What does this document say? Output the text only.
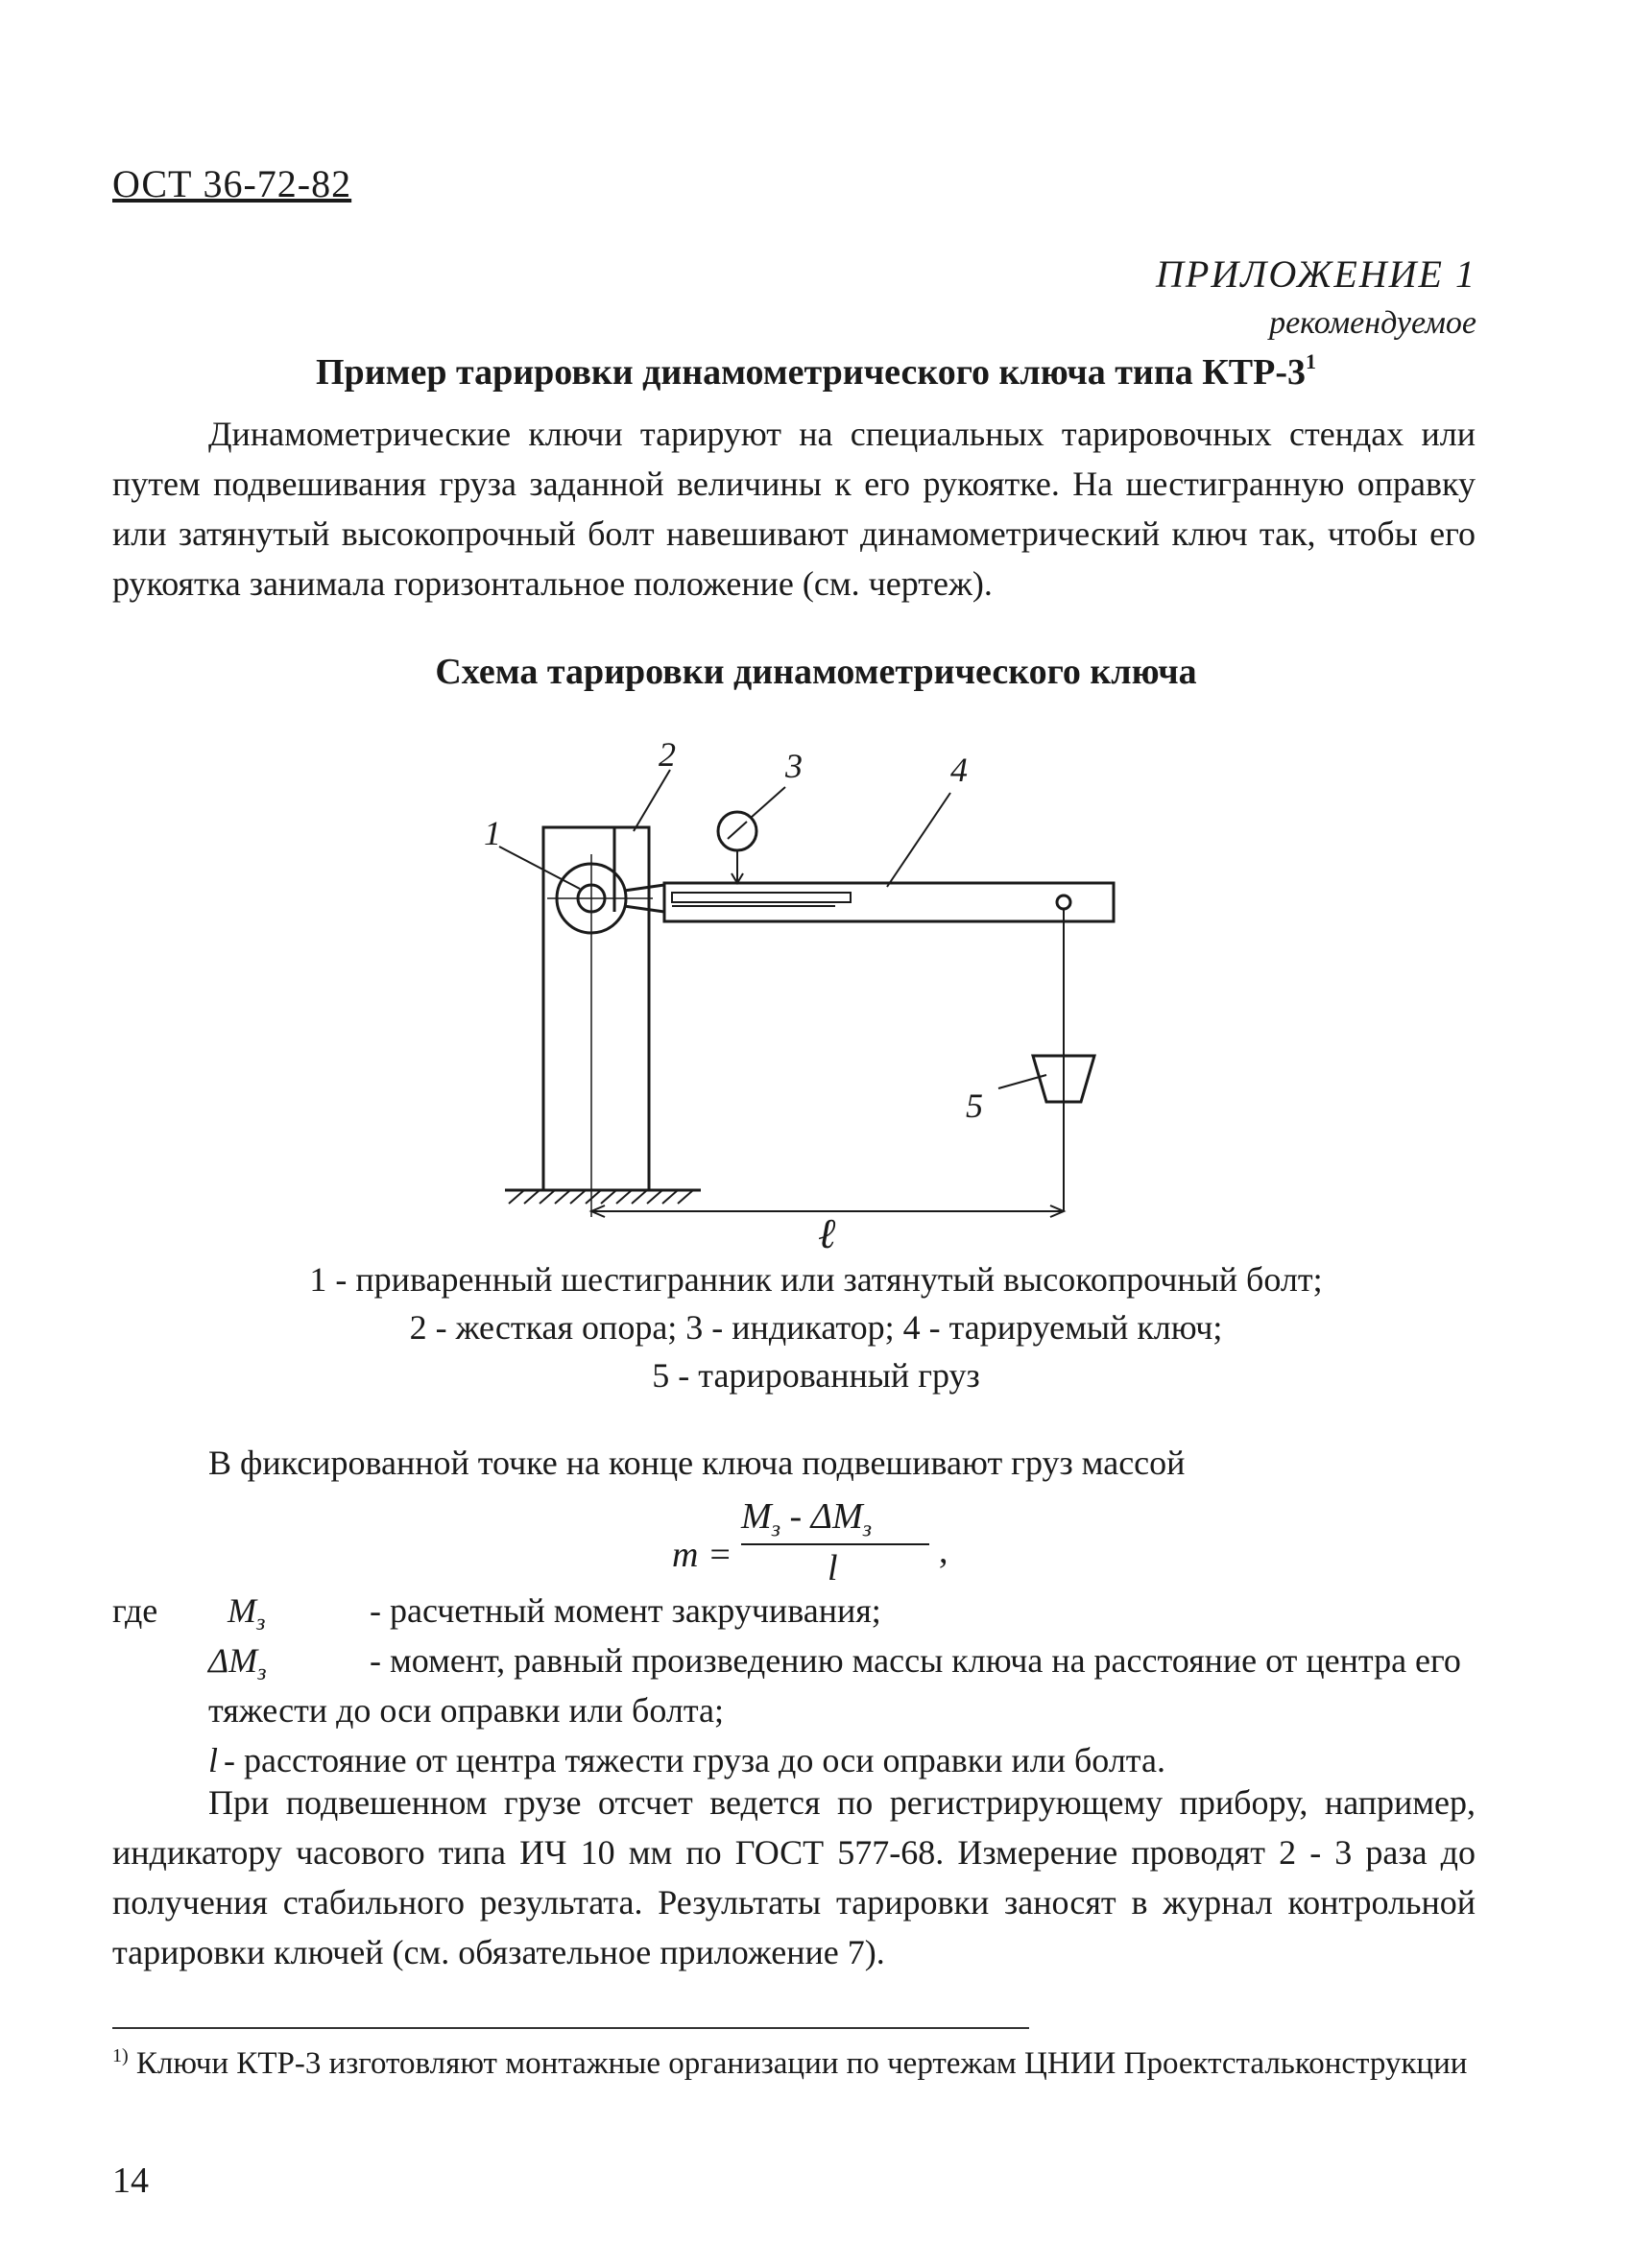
ОСТ 36-72-82
ПРИЛОЖЕНИЕ 1
рекомендуемое
Пример тарировки динамометрического ключа типа КТР-$3^1$
Динамометрические ключи тарируют на специальных тарировочных стендах или путем подвешивания груза заданной величины к его рукоятке. На шестигранную оправку или затянутый высокопрочный болт навешивают динамометрический ключ так, чтобы его рукоятка занимала горизонтальное положение (см. чертеж).
Схема тарировки динамометрического ключа
1
2	3	4
5
ℓ
1 - приваренный шестигранник или затянутый высокопрочный болт;
2 - жесткая опора; 3 - индикатор; 4 - тарируемый ключ;
5 - тарированный груз
В фиксированной точке на конце ключа подвешивают груз массой
m =
$M_з - \Delta M_з$
l	,
где $M_з$	- расчетный момент закручивания;
$\Delta M_з$	- момент, равный произведению массы ключа на расстояние от центра его тяжести до оси оправки или болта;
l - расстояние от центра тяжести груза до оси оправки или болта.
При подвешенном грузе отсчет ведется по регистрирующему прибору, например, индикатору часового типа ИЧ 10 мм по ГОСТ 577-68. Измерение проводят 2 - 3 раза до получения стабильного результата. Результаты тарировки заносят в журнал контрольной тарировки ключей (см. обязательное приложение 7).
$^{1)}$ Ключи КТР-3 изготовляют монтажные организации по чертежам ЦНИИ Проектстальконструкции
14
